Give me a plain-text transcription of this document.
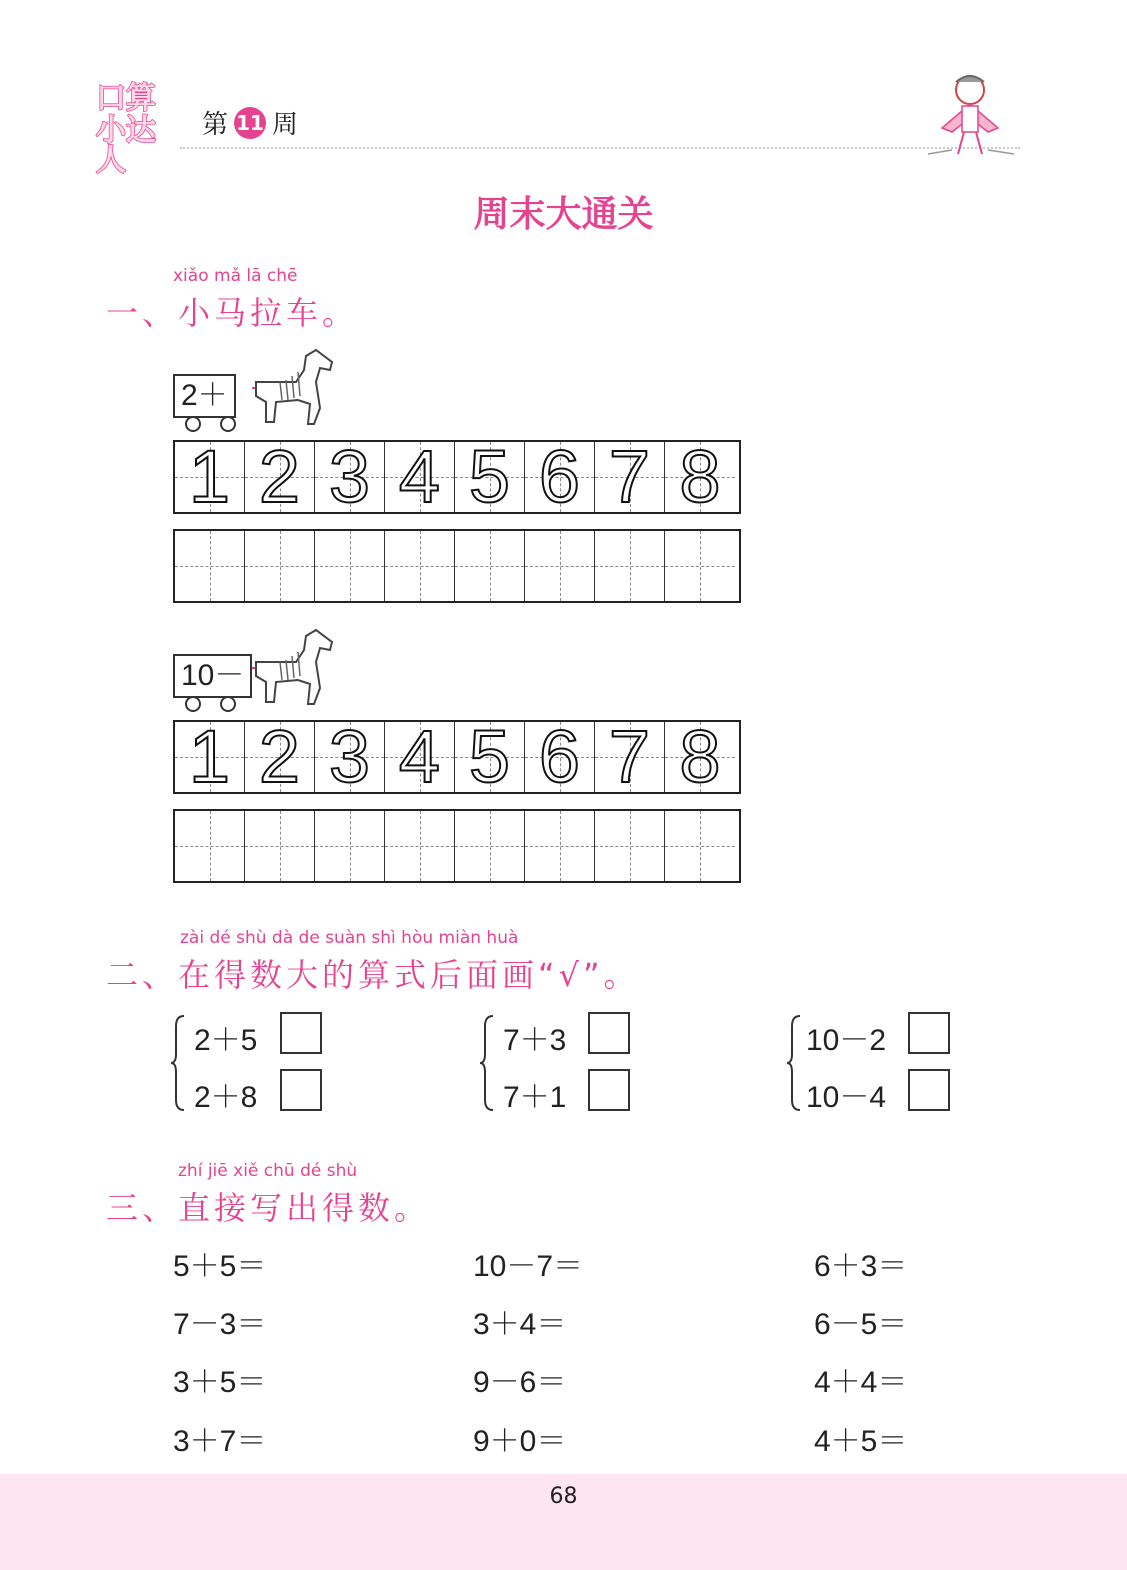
口算
小达人
第 11 周
周末大通关
xiǎo mǎ lā chē
一、小马拉车。
2＋
1 2 3 4 5 6 7 8
10－
1 2 3 4 5 6 7 8
zài dé shù dà de suàn shì hòu miàn huà
二、在得数大的算式后面画“√”。
2＋5
2＋8
7＋3
7＋1
10－2
10－4
zhí jiē xiě chū dé shù
三、直接写出得数。
5＋5＝	10－7＝	6＋3＝
7－3＝	3＋4＝	6－5＝
3＋5＝	9－6＝	4＋4＝
3＋7＝	9＋0＝	4＋5＝
68
